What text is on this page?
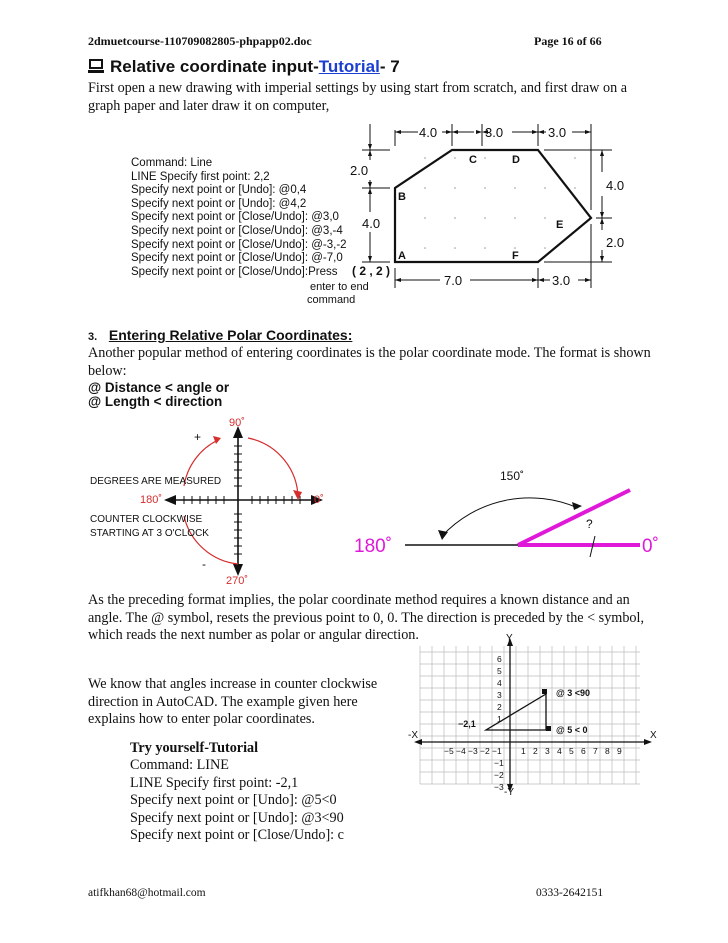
2dmuetcourse-110709082805-phpapp02.doc	Page 16 of 66
Relative coordinate input-Tutorial- 7
First open a new drawing with imperial settings by using start from scratch, and first draw on a graph paper and later draw it on computer,
Command: Line
LINE Specify first point: 2,2
Specify next point or [Undo]: @0,4
Specify next point or [Undo]: @4,2
Specify next point or [Close/Undo]: @3,0
Specify next point or [Close/Undo]: @3,-4
Specify next point or [Close/Undo]: @-3,-2
Specify next point or [Close/Undo]: @-7,0
Specify next point or [Close/Undo]:Press
4.0	3.0	3.0
2.0
4.0
4.0
2.0
7.0	3.0
A
B
C	D
E
F
( 2 , 2 )
enter to end
command
3. Entering Relative Polar Coordinates:
Another popular method of entering coordinates is the polar coordinate mode. The format is shown below:
@ Distance < angle or
@ Length < direction
90˚
180˚	0˚
270˚
+
-
DEGREES ARE MEASURED
COUNTER CLOCKWISE
STARTING AT 3 O'CLOCK
150˚
180˚	0˚
?
As the preceding format implies, the polar coordinate method requires a known distance and an angle. The @ symbol, resets the previous point to 0, 0. The direction is preceded by the < symbol, which reads the next number as polar or angular direction.
We know that angles increase in counter clockwise direction in AutoCAD. The example given here explains how to enter polar coordinates.
Y
-Y
X
-X
−2,1
@ 5 < 0
@ 3 <90
−5 −4 −3 −2 −1 1 2 3 4 5 6 7 8 9
6
5
4
3
2
1
−1
−2
−3
Try yourself-Tutorial
Command: LINE
LINE Specify first point: -2,1
Specify next point or [Undo]: @5<0
Specify next point or [Undo]: @3<90
Specify next point or [Close/Undo]: c
atifkhan68@hotmail.com	0333-2642151
